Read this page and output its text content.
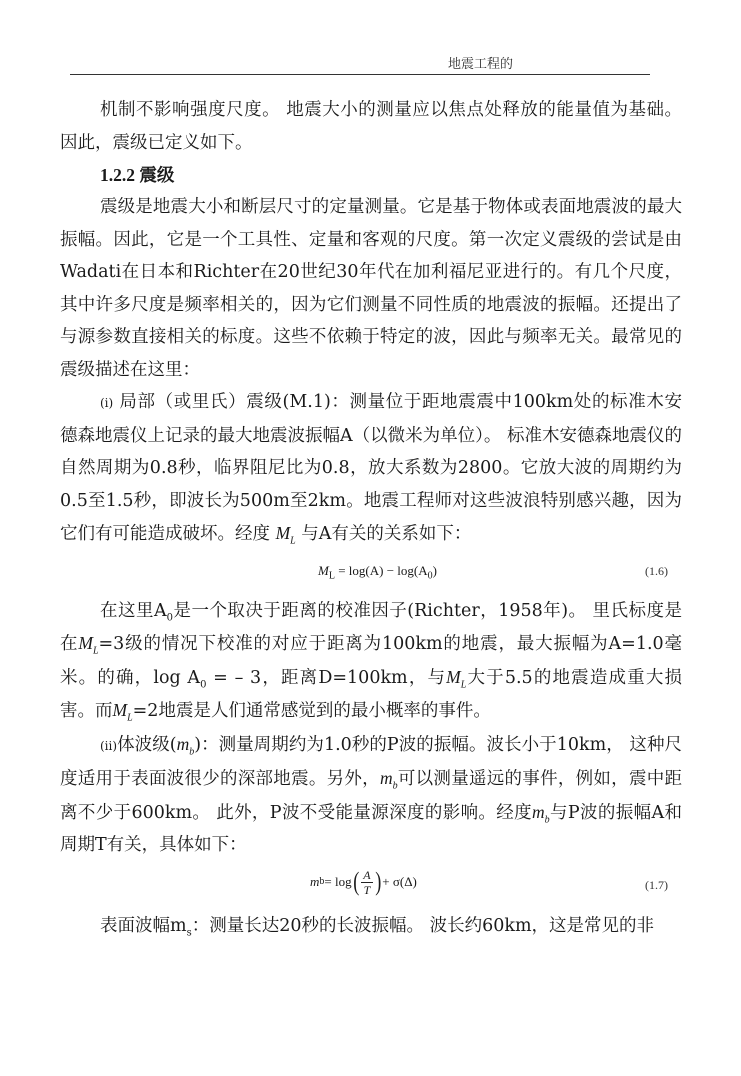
地震工程的

机制不影响强度尺度。 地震大小的测量应以焦点处释放的能量值为基础。 因此，震级已定义如下。

1.2.2 震级

震级是地震大小和断层尺寸的定量测量。它是基于物体或表面地震波的最大振幅。因此，它是一个工具性、定量和客观的尺度。第一次定义震级的尝试是由Wadati在日本和Richter在20世纪30年代在加利福尼亚进行的。有几个尺度，其中许多尺度是频率相关的，因为它们测量不同性质的地震波的振幅。还提出了与源参数直接相关的标度。这些不依赖于特定的波，因此与频率无关。最常见的震级描述在这里：

(i) 局部（或里氏）震级(M.1)：测量位于距地震震中100km处的标准木安德森地震仪上记录的最大地震波振幅A（以微米为单位）。 标准木安德森地震仪的自然周期为0.8秒，临界阻尼比为0.8，放大系数为2800。它放大波的周期约为0.5至1.5秒，即波长为500m至2km。地震工程师对这些波浪特别感兴趣，因为它们有可能造成破坏。经度 $M_L$ 与A有关的关系如下：

$M_L = \log(A) - \log(A_0)$	(1.6)

在这里$A_0$是一个取决于距离的校准因子(Richter，1958年)。 里氏标度是在$M_L=3$级的情况下校准的对应于距离为100km的地震，最大振幅为A=1.0毫米。的确，$\log A_0$ = – 3，距离D=100km，与$M_L$大于5.5的地震造成重大损害。而$M_L=2$地震是人们通常感觉到的最小概率的事件。

(ii)体波级$(m_b)$：测量周期约为1.0秒的P波的振幅。波长小于10km， 这种尺度适用于表面波很少的深部地震。另外，$m_b$可以测量遥远的事件，例如，震中距离不少于600km。 此外，P波不受能量源深度的影响。经度$m_b$与P波的振幅A和周期T有关，具体如下：

m b = log ( $\frac{A}{T}$ ) + σ(Δ)	(1.7)

表面波幅$m_s$：测量长达20秒的长波振幅。 波长约60km，这是常见的非
